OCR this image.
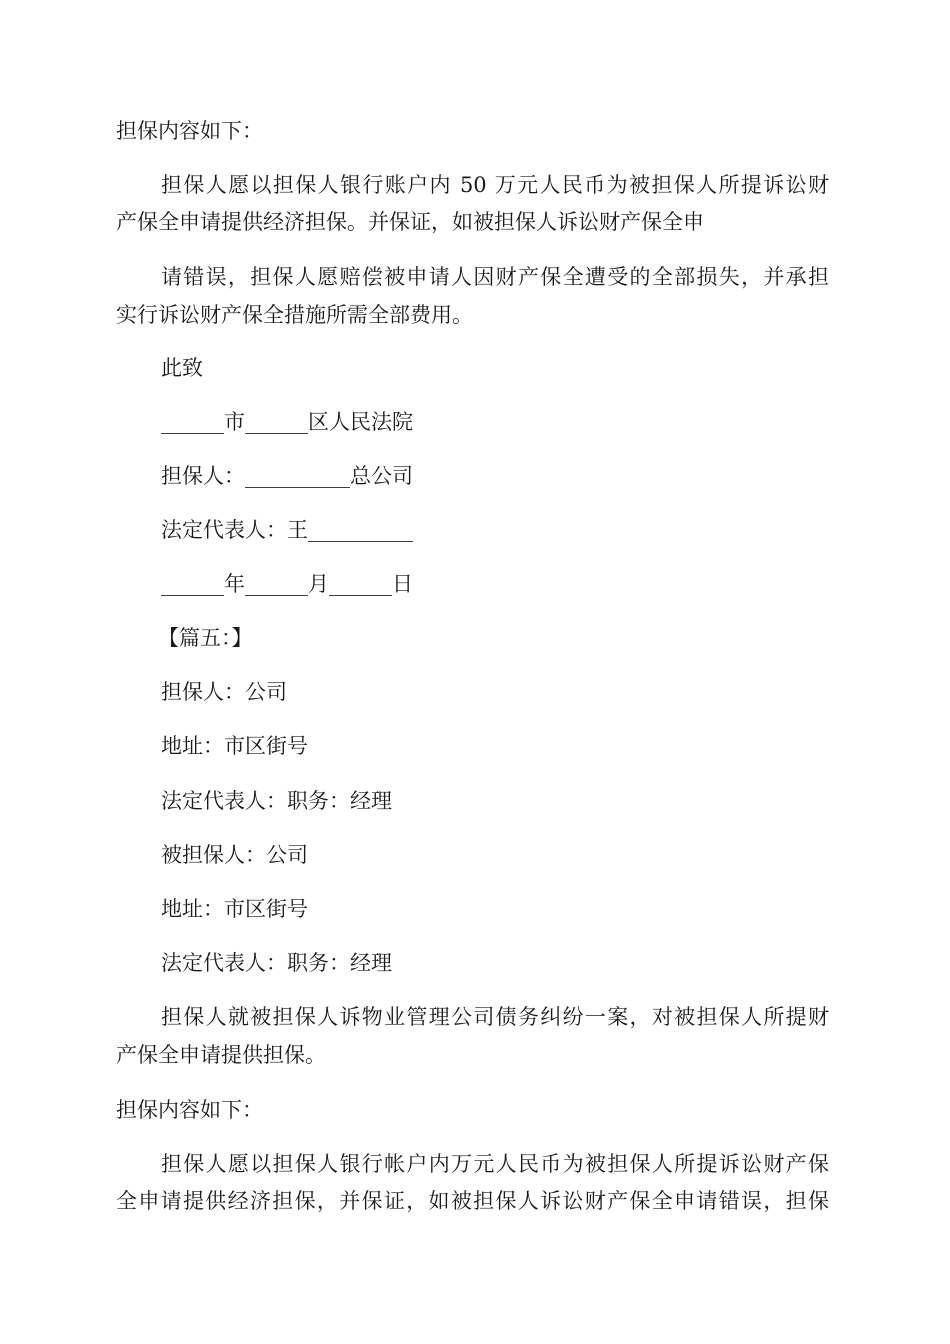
担保内容如下：
担保人愿以担保人银行账户内 50 万元人民币为被担保人所提诉讼财
产保全申请提供经济担保。并保证，如被担保人诉讼财产保全申
请错误，担保人愿赔偿被申请人因财产保全遭受的全部损失，并承担
实行诉讼财产保全措施所需全部费用。
此致
______市______区人民法院
担保人：__________总公司
法定代表人：王__________
______年______月______日
【篇五：】
担保人：公司
地址：市区街号
法定代表人：职务：经理
被担保人：公司
地址：市区街号
法定代表人：职务：经理
担保人就被担保人诉物业管理公司债务纠纷一案，对被担保人所提财
产保全申请提供担保。
担保内容如下：
担保人愿以担保人银行帐户内万元人民币为被担保人所提诉讼财产保
全申请提供经济担保，并保证，如被担保人诉讼财产保全申请错误，担保
